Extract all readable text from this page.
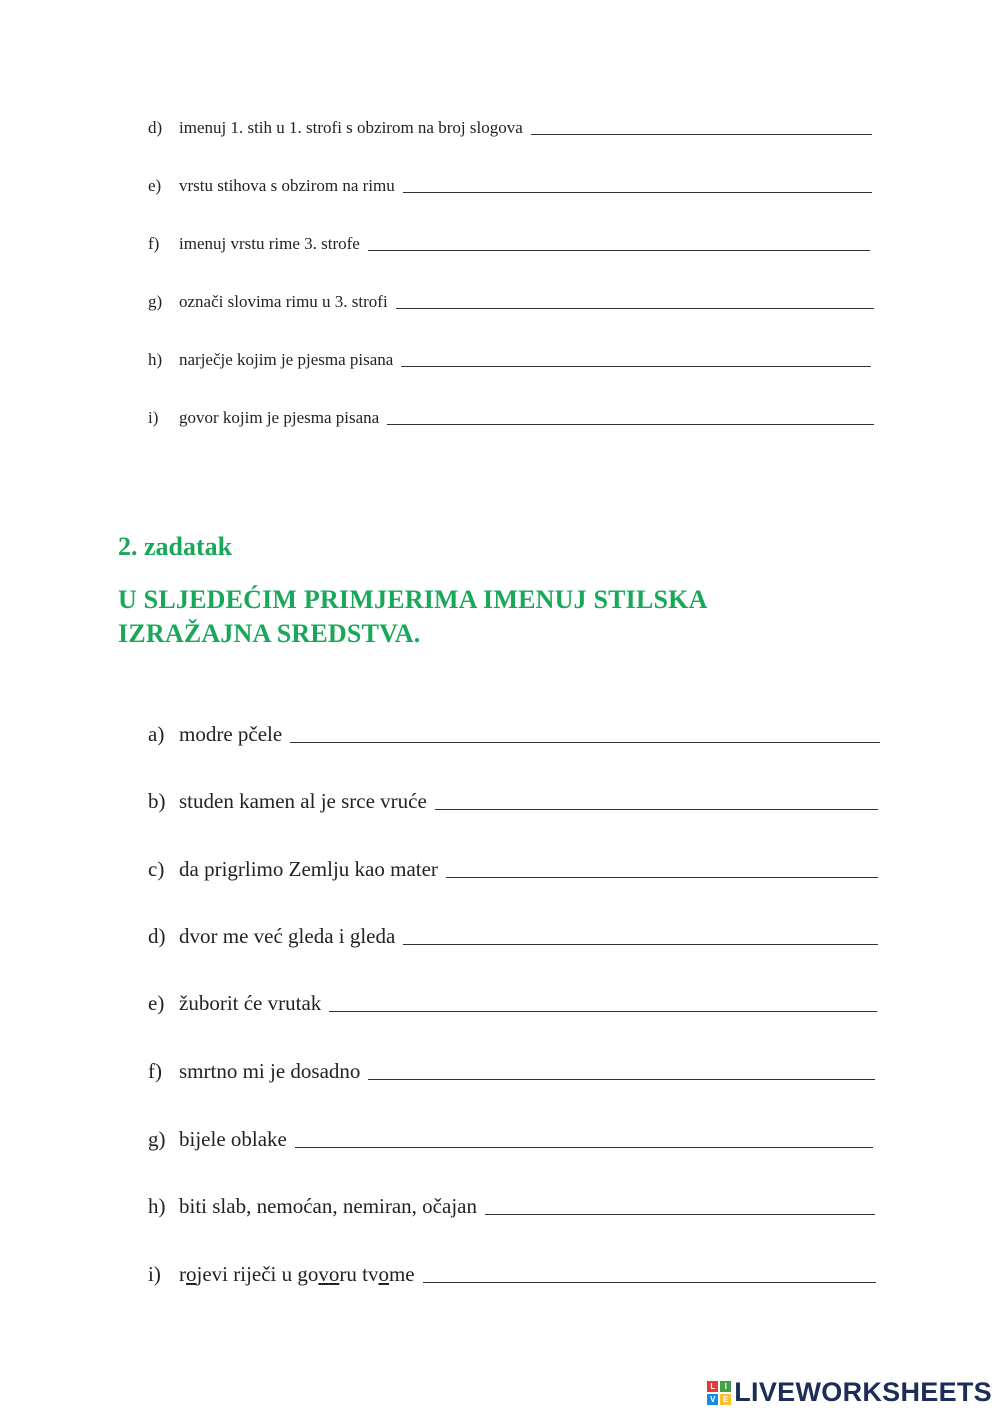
d) imenuj 1. stih u 1. strofi s obzirom na broj slogova
e)	vrstu stihova s obzirom na rimu
f)	imenuj vrstu rime 3. strofe
g) označi slovima rimu u 3. strofi
h) narječje kojim je pjesma pisana
i)	govor kojim je pjesma pisana
2. zadatak
U SLJEDEĆIM PRIMJERIMA IMENUJ STILSKA
IZRAŽAJNA SREDSTVA.
a) modre pčele
b) studen kamen al je srce vruće
c) da prigrlimo Zemlju kao mater
d) dvor me već gleda i gleda
e) žuborit će vrutak
f) smrtno mi je dosadno
g) bijele oblake
h) biti slab, nemoćan, nemiran, očajan
i) rojevi riječi u govoru tvome
L	I
V E LIVEWORKSHEETS
